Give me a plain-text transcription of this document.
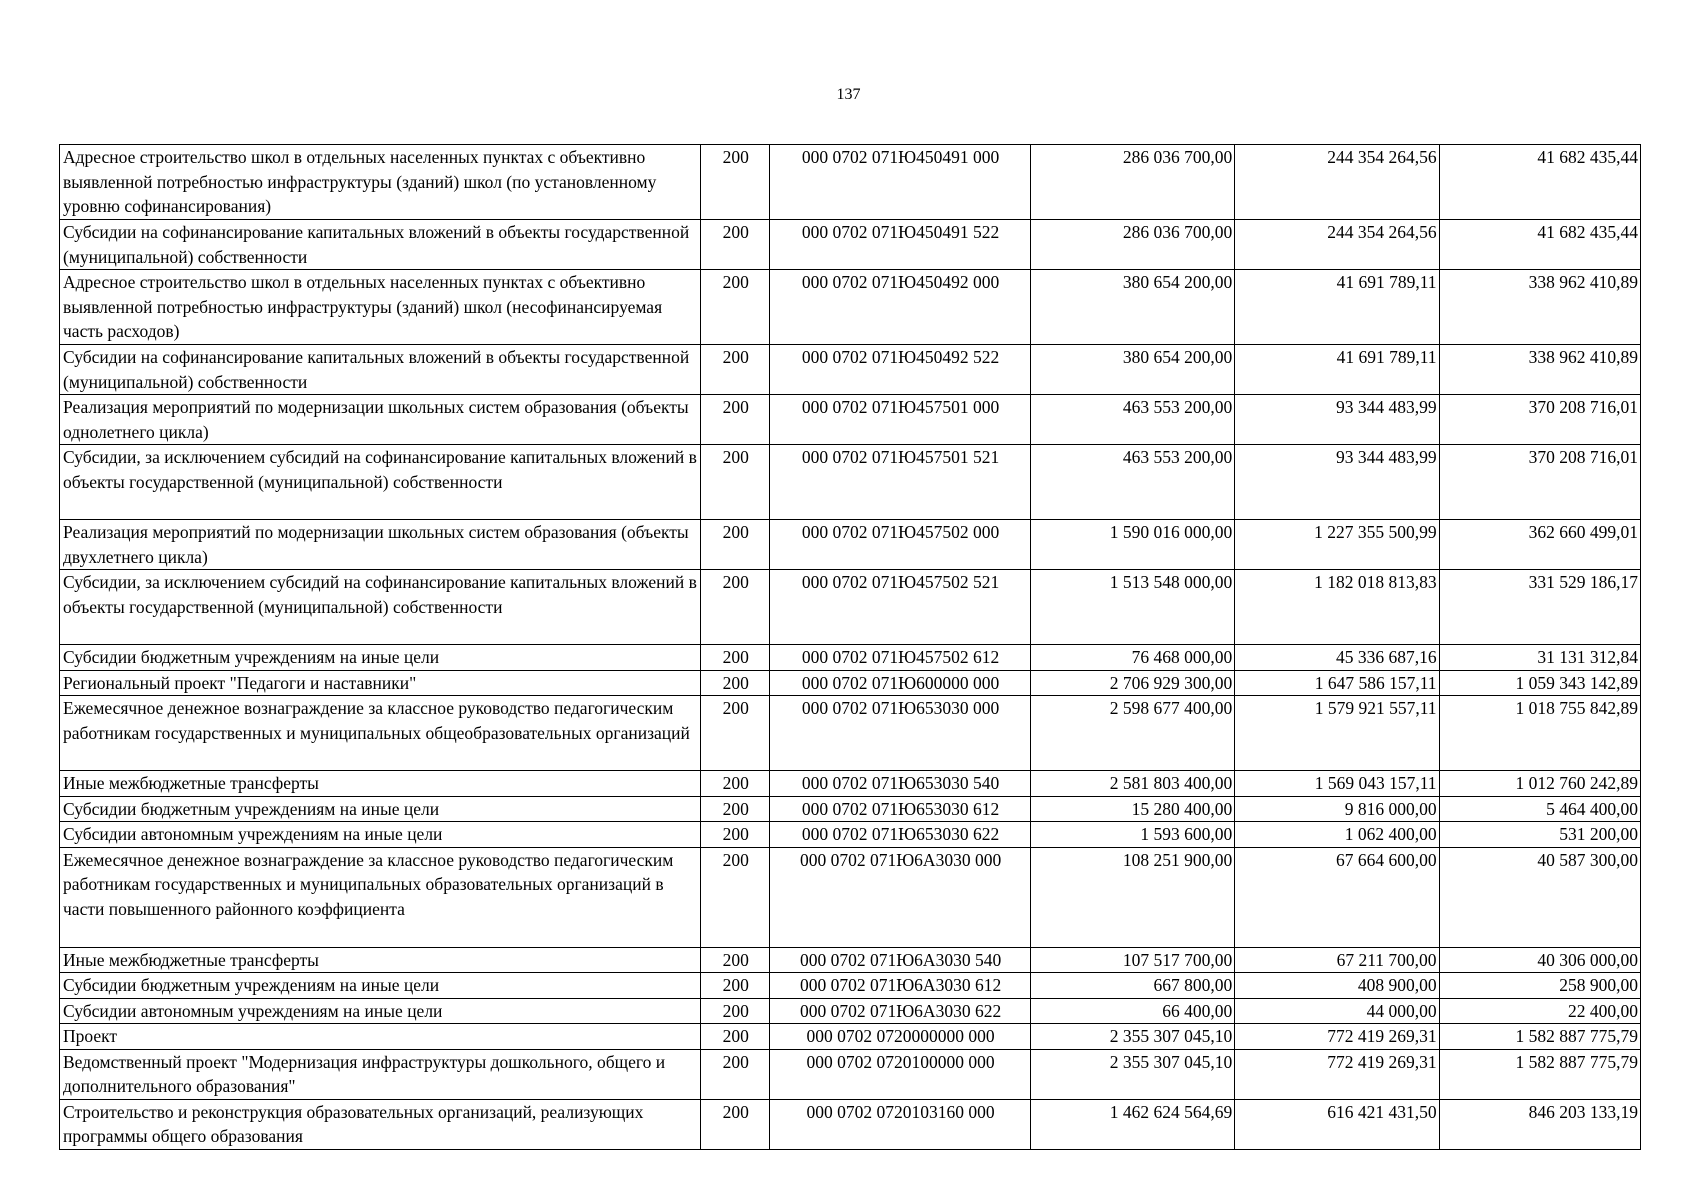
137
Адресное строительство школ в отдельных населенных пунктах с объективно выявленной потребностью инфраструктуры (зданий) школ (по установленному уровню софинансирования)	200	000 0702 071Ю450491 000	286 036 700,00	244 354 264,56	41 682 435,44
Субсидии на софинансирование капитальных вложений в объекты государственной (муниципальной) собственности	200	000 0702 071Ю450491 522	286 036 700,00	244 354 264,56	41 682 435,44
Адресное строительство школ в отдельных населенных пунктах с объективно выявленной потребностью инфраструктуры (зданий) школ (несофинансируемая часть расходов)	200	000 0702 071Ю450492 000	380 654 200,00	41 691 789,11	338 962 410,89
Субсидии на софинансирование капитальных вложений в объекты государственной (муниципальной) собственности	200	000 0702 071Ю450492 522	380 654 200,00	41 691 789,11	338 962 410,89
Реализация мероприятий по модернизации школьных систем образования (объекты однолетнего цикла)	200	000 0702 071Ю457501 000	463 553 200,00	93 344 483,99	370 208 716,01
Субсидии, за исключением субсидий на софинансирование капитальных вложений в объекты государственной (муниципальной) собственности	200	000 0702 071Ю457501 521	463 553 200,00	93 344 483,99	370 208 716,01
Реализация мероприятий по модернизации школьных систем образования (объекты двухлетнего цикла)	200	000 0702 071Ю457502 000	1 590 016 000,00	1 227 355 500,99	362 660 499,01
Субсидии, за исключением субсидий на софинансирование капитальных вложений в объекты государственной (муниципальной) собственности	200	000 0702 071Ю457502 521	1 513 548 000,00	1 182 018 813,83	331 529 186,17
Субсидии бюджетным учреждениям на иные цели	200	000 0702 071Ю457502 612	76 468 000,00	45 336 687,16	31 131 312,84
Региональный проект "Педагоги и наставники"	200	000 0702 071Ю600000 000	2 706 929 300,00	1 647 586 157,11	1 059 343 142,89
Ежемесячное денежное вознаграждение за классное руководство педагогическим работникам государственных и муниципальных общеобразовательных организаций	200	000 0702 071Ю653030 000	2 598 677 400,00	1 579 921 557,11	1 018 755 842,89
Иные межбюджетные трансферты	200	000 0702 071Ю653030 540	2 581 803 400,00	1 569 043 157,11	1 012 760 242,89
Субсидии бюджетным учреждениям на иные цели	200	000 0702 071Ю653030 612	15 280 400,00	9 816 000,00	5 464 400,00
Субсидии автономным учреждениям на иные цели	200	000 0702 071Ю653030 622	1 593 600,00	1 062 400,00	531 200,00
Ежемесячное денежное вознаграждение за классное руководство педагогическим работникам государственных и муниципальных образовательных организаций в части повышенного районного коэффициента	200	000 0702 071Ю6А3030 000	108 251 900,00	67 664 600,00	40 587 300,00
Иные межбюджетные трансферты	200	000 0702 071Ю6А3030 540	107 517 700,00	67 211 700,00	40 306 000,00
Субсидии бюджетным учреждениям на иные цели	200	000 0702 071Ю6А3030 612	667 800,00	408 900,00	258 900,00
Субсидии автономным учреждениям на иные цели	200	000 0702 071Ю6А3030 622	66 400,00	44 000,00	22 400,00
Проект	200	000 0702 0720000000 000	2 355 307 045,10	772 419 269,31	1 582 887 775,79
Ведомственный проект "Модернизация инфраструктуры дошкольного, общего и дополнительного образования"	200	000 0702 0720100000 000	2 355 307 045,10	772 419 269,31	1 582 887 775,79
Строительство и реконструкция образовательных организаций, реализующих программы общего образования	200	000 0702 0720103160 000	1 462 624 564,69	616 421 431,50	846 203 133,19
